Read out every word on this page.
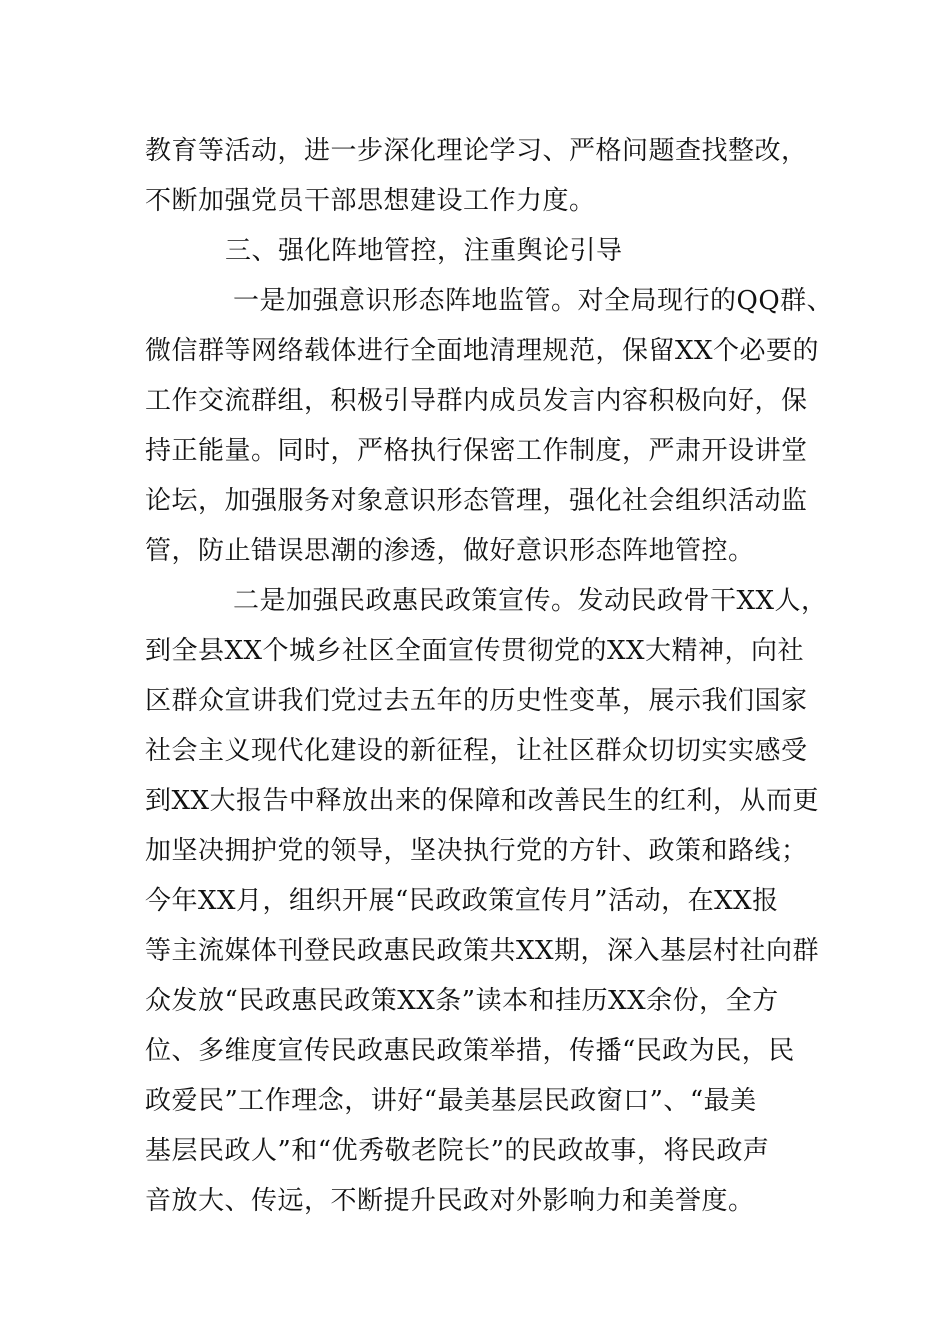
教育等活动，进一步深化理论学习、严格问题查找整改，
不断加强党员干部思想建设工作力度。
三、强化阵地管控，注重舆论引导
一是加强意识形态阵地监管。对全局现行的QQ群、
微信群等网络载体进行全面地清理规范，保留XX个必要的
工作交流群组，积极引导群内成员发言内容积极向好，保
持正能量。同时，严格执行保密工作制度，严肃开设讲堂
论坛，加强服务对象意识形态管理，强化社会组织活动监
管，防止错误思潮的渗透，做好意识形态阵地管控。
二是加强民政惠民政策宣传。发动民政骨干XX人，
到全县XX个城乡社区全面宣传贯彻党的XX大精神，向社
区群众宣讲我们党过去五年的历史性变革，展示我们国家
社会主义现代化建设的新征程，让社区群众切切实实感受
到XX大报告中释放出来的保障和改善民生的红利，从而更
加坚决拥护党的领导，坚决执行党的方针、政策和路线；
今年XX月，组织开展“民政政策宣传月”活动，在XX报
等主流媒体刊登民政惠民政策共XX期，深入基层村社向群
众发放“民政惠民政策XX条”读本和挂历XX余份，全方
位、多维度宣传民政惠民政策举措，传播“民政为民，民
政爱民”工作理念，讲好“最美基层民政窗口”、“最美
基层民政人”和“优秀敬老院长”的民政故事，将民政声
音放大、传远，不断提升民政对外影响力和美誉度。
